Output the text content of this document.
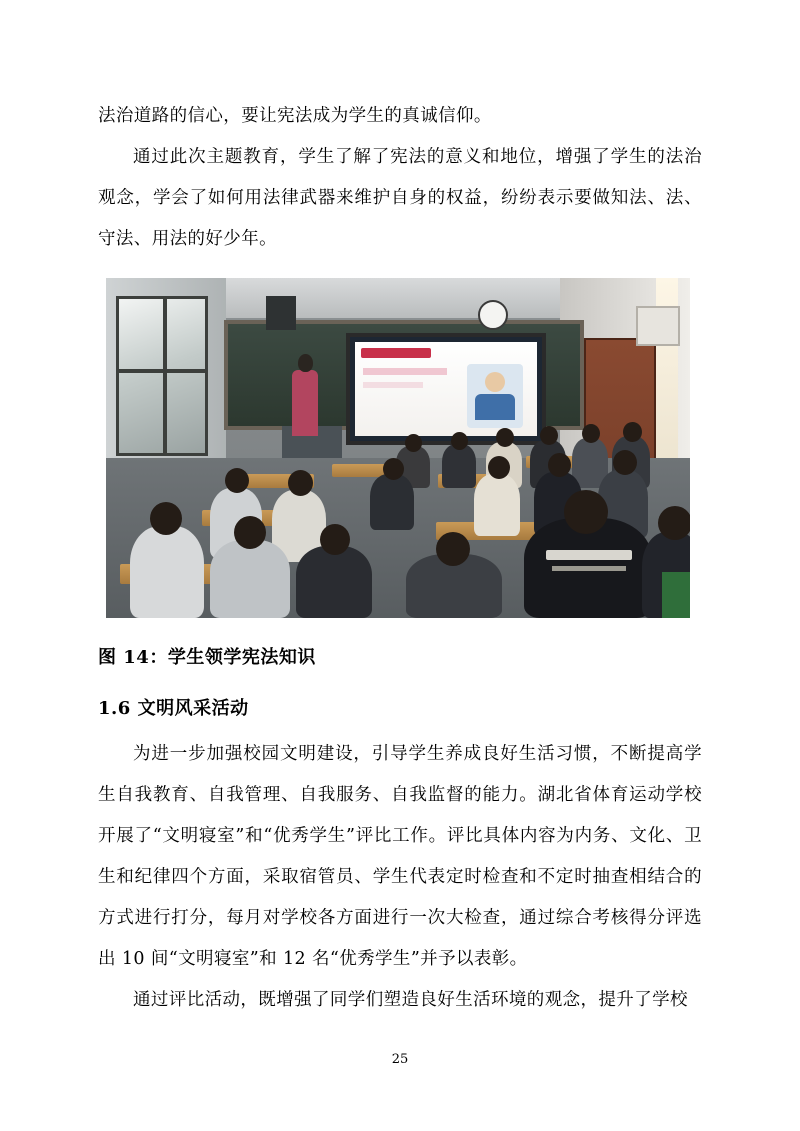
法治道路的信心，要让宪法成为学生的真诚信仰。

通过此次主题教育，学生了解了宪法的意义和地位，增强了学生的法治观念，学会了如何用法律武器来维护自身的权益，纷纷表示要做知法、法、守法、用法的好少年。

图 14：学生领学宪法知识
1.6 文明风采活动

为进一步加强校园文明建设，引导学生养成良好生活习惯，不断提高学生自我教育、自我管理、自我服务、自我监督的能力。湖北省体育运动学校开展了“文明寝室”和“优秀学生”评比工作。评比具体内容为内务、文化、卫生和纪律四个方面，采取宿管员、学生代表定时检查和不定时抽查相结合的方式进行打分，每月对学校各方面进行一次大检查，通过综合考核得分评选出 10 间“文明寝室”和 12 名“优秀学生”并予以表彰。

通过评比活动，既增强了同学们塑造良好生活环境的观念，提升了学校

25
